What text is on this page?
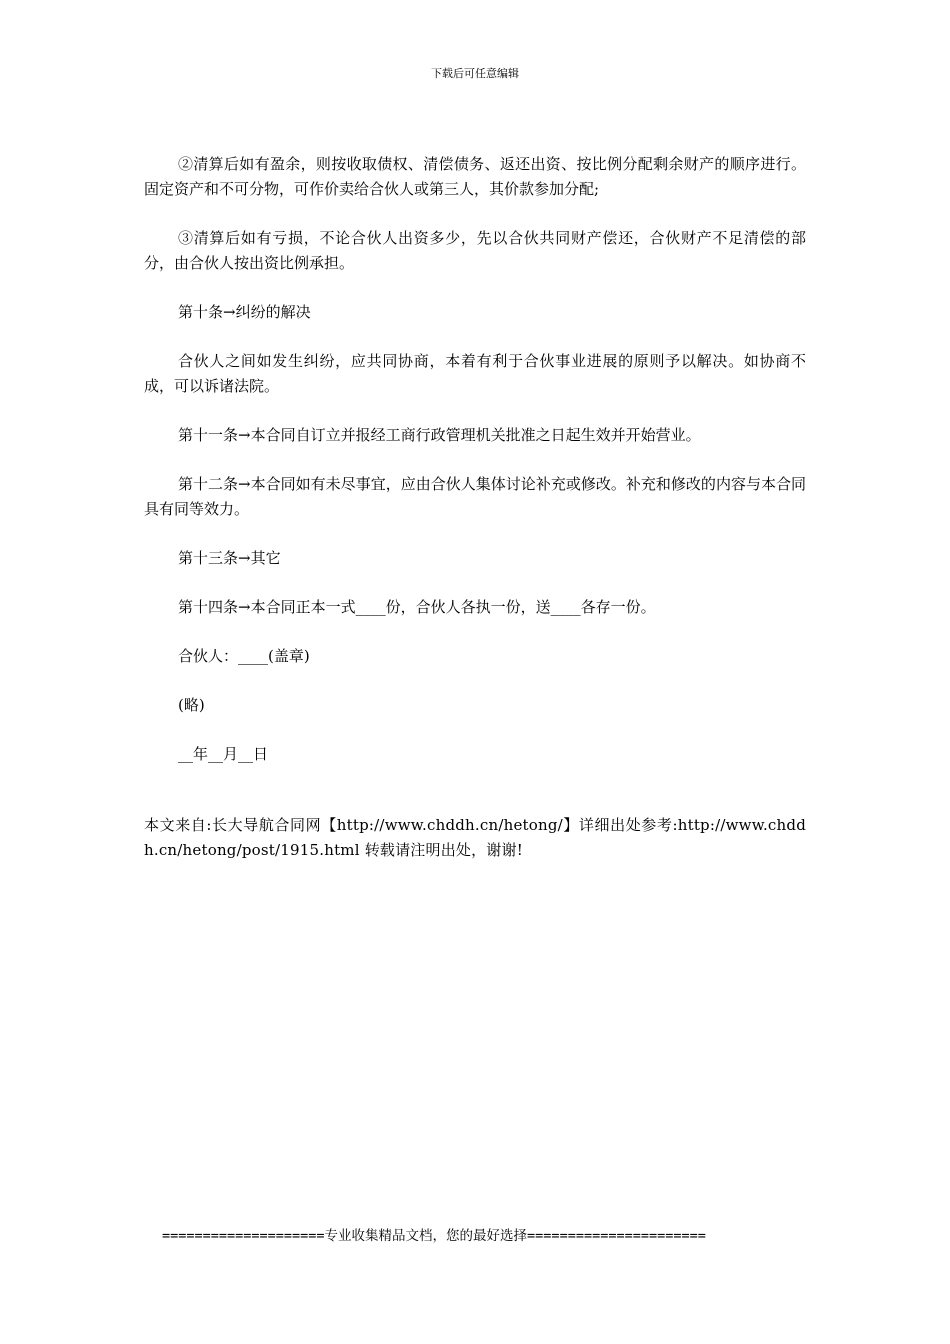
下载后可任意编辑

②清算后如有盈余，则按收取债权、清偿债务、返还出资、按比例分配剩余财产的顺序进行。固定资产和不可分物，可作价卖给合伙人或第三人，其价款参加分配;

③清算后如有亏损，不论合伙人出资多少，先以合伙共同财产偿还，合伙财产不足清偿的部分，由合伙人按出资比例承担。

第十条→纠纷的解决

合伙人之间如发生纠纷，应共同协商，本着有利于合伙事业进展的原则予以解决。如协商不成，可以诉诸法院。

第十一条→本合同自订立并报经工商行政管理机关批准之日起生效并开始营业。

第十二条→本合同如有未尽事宜，应由合伙人集体讨论补充或修改。补充和修改的内容与本合同具有同等效力。

第十三条→其它

第十四条→本合同正本一式____份，合伙人各执一份，送____各存一份。

合伙人：____(盖章)

(略)

__年__月__日

本文来自:长大导航合同网【http://www.chddh.cn/hetong/】详细出处参考:http://www.chddh.cn/hetong/post/1915.html 转载请注明出处，谢谢!

====================专业收集精品文档，您的最好选择======================
